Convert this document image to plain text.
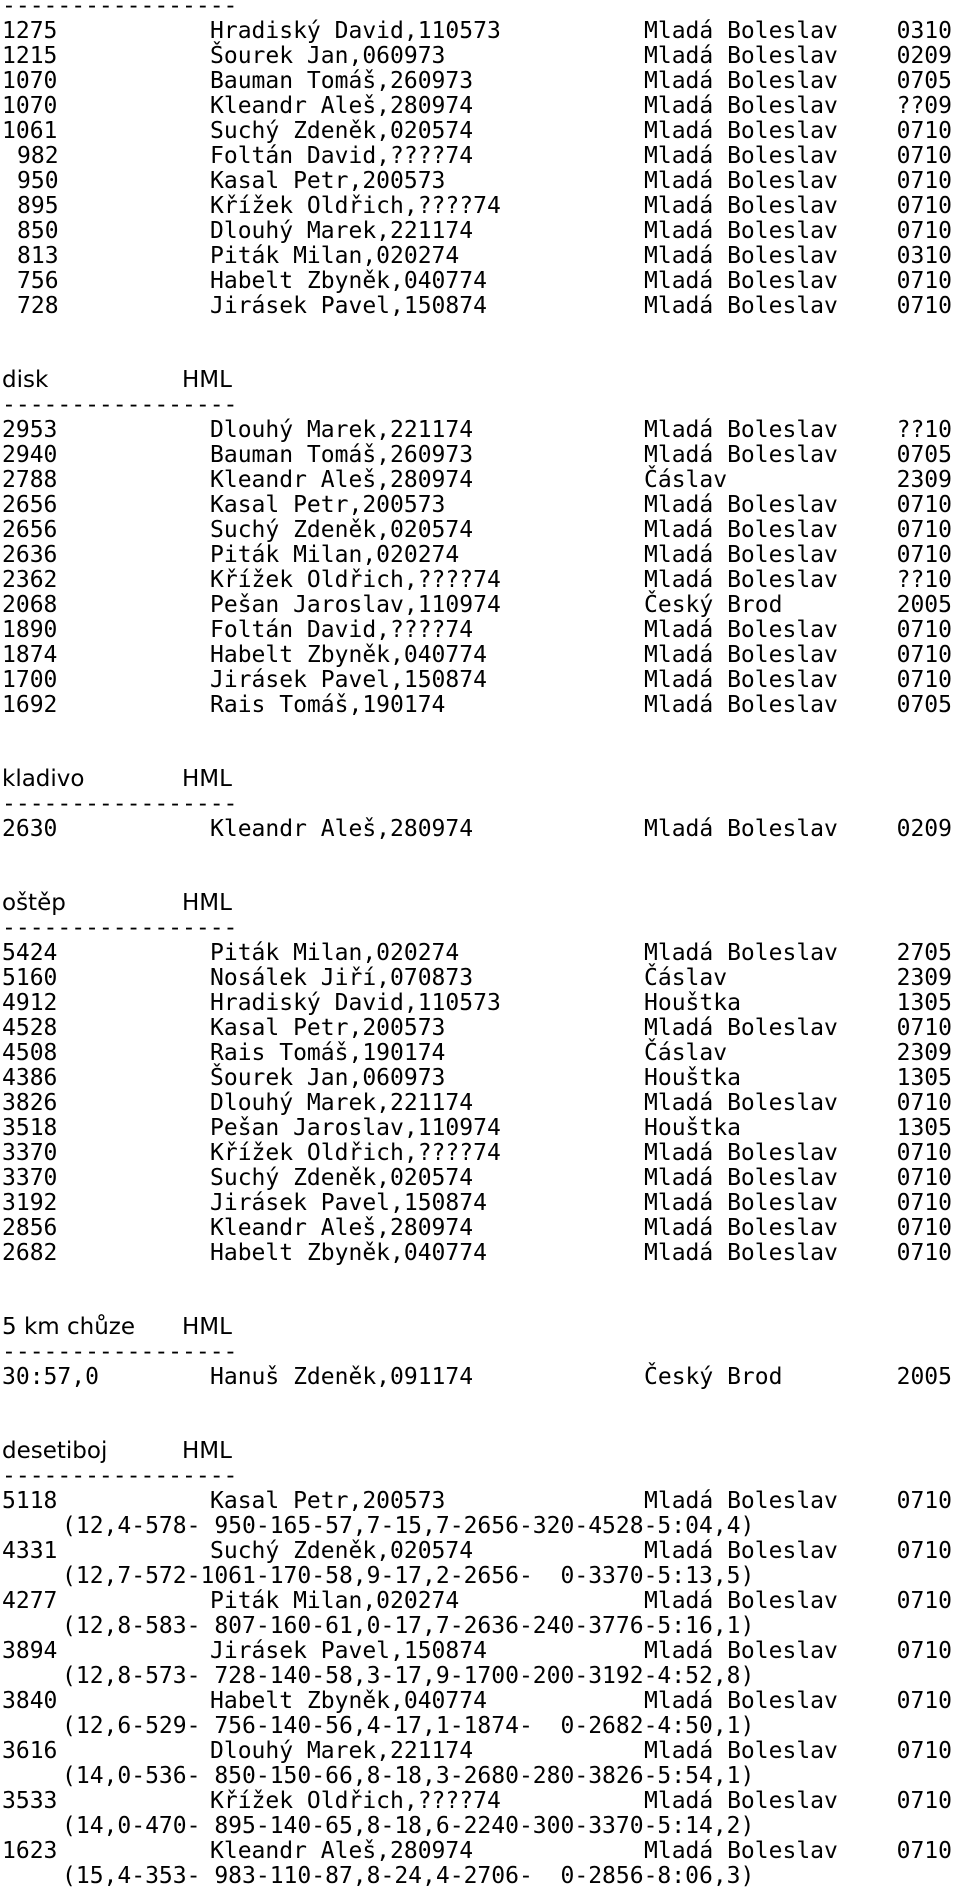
-----------------
1275	Hradiský David,110573	Mladá Boleslav	0310
1215	Šourek Jan,060973	Mladá Boleslav	0209
1070	Bauman Tomáš,260973	Mladá Boleslav	0705
1070	Kleandr Aleš,280974	Mladá Boleslav	??09
1061	Suchý Zdeněk,020574	Mladá Boleslav	0710
982	Foltán David,????74	Mladá Boleslav	0710
950	Kasal Petr,200573	Mladá Boleslav	0710
895	Křížek Oldřich,????74	Mladá Boleslav	0710
850	Dlouhý Marek,221174	Mladá Boleslav	0710
813	Piták Milan,020274	Mladá Boleslav	0310
756	Habelt Zbyněk,040774	Mladá Boleslav	0710
728	Jirásek Pavel,150874	Mladá Boleslav	0710
disk	HML
-----------------
2953	Dlouhý Marek,221174	Mladá Boleslav	??10
2940	Bauman Tomáš,260973	Mladá Boleslav	0705
2788	Kleandr Aleš,280974	Čáslav	2309
2656	Kasal Petr,200573	Mladá Boleslav	0710
2656	Suchý Zdeněk,020574	Mladá Boleslav	0710
2636	Piták Milan,020274	Mladá Boleslav	0710
2362	Křížek Oldřich,????74	Mladá Boleslav	??10
2068	Pešan Jaroslav,110974	Český Brod	2005
1890	Foltán David,????74	Mladá Boleslav	0710
1874	Habelt Zbyněk,040774	Mladá Boleslav	0710
1700	Jirásek Pavel,150874	Mladá Boleslav	0710
1692	Rais Tomáš,190174	Mladá Boleslav	0705
kladivo	HML
-----------------
2630	Kleandr Aleš,280974	Mladá Boleslav	0209
oštěp	HML
-----------------
5424	Piták Milan,020274	Mladá Boleslav	2705
5160	Nosálek Jiří,070873	Čáslav	2309
4912	Hradiský David,110573	Houštka	1305
4528	Kasal Petr,200573	Mladá Boleslav	0710
4508	Rais Tomáš,190174	Čáslav	2309
4386	Šourek Jan,060973	Houštka	1305
3826	Dlouhý Marek,221174	Mladá Boleslav	0710
3518	Pešan Jaroslav,110974	Houštka	1305
3370	Křížek Oldřich,????74	Mladá Boleslav	0710
3370	Suchý Zdeněk,020574	Mladá Boleslav	0710
3192	Jirásek Pavel,150874	Mladá Boleslav	0710
2856	Kleandr Aleš,280974	Mladá Boleslav	0710
2682	Habelt Zbyněk,040774	Mladá Boleslav	0710
5 km chůze HML
-----------------
30:57,0	Hanuš Zdeněk,091174	Český Brod	2005
desetiboj	HML
-----------------
5118	Kasal Petr,200573	Mladá Boleslav	0710
(12,4-578- 950-165-57,7-15,7-2656-320-4528-5:04,4)
4331	Suchý Zdeněk,020574	Mladá Boleslav	0710
(12,7-572-1061-170-58,9-17,2-2656-  0-3370-5:13,5)
4277	Piták Milan,020274	Mladá Boleslav	0710
(12,8-583- 807-160-61,0-17,7-2636-240-3776-5:16,1)
3894	Jirásek Pavel,150874	Mladá Boleslav	0710
(12,8-573- 728-140-58,3-17,9-1700-200-3192-4:52,8)
3840	Habelt Zbyněk,040774	Mladá Boleslav	0710
(12,6-529- 756-140-56,4-17,1-1874-  0-2682-4:50,1)
3616	Dlouhý Marek,221174	Mladá Boleslav	0710
(14,0-536- 850-150-66,8-18,3-2680-280-3826-5:54,1)
3533	Křížek Oldřich,????74	Mladá Boleslav	0710
(14,0-470- 895-140-65,8-18,6-2240-300-3370-5:14,2)
1623	Kleandr Aleš,280974	Mladá Boleslav	0710
(15,4-353- 983-110-87,8-24,4-2706-  0-2856-8:06,3)
